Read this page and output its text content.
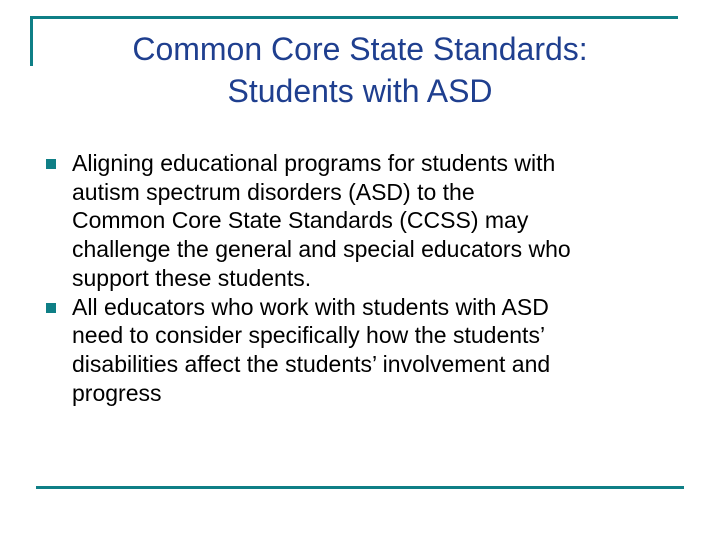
Common Core State Standards:
Students with ASD
Aligning educational programs for students with
autism spectrum disorders (ASD) to the
Common Core State Standards (CCSS) may
challenge the general and special educators who
support these students.
All educators who work with students with ASD
need to consider specifically how the students’
disabilities affect the students’ involvement and
progress
